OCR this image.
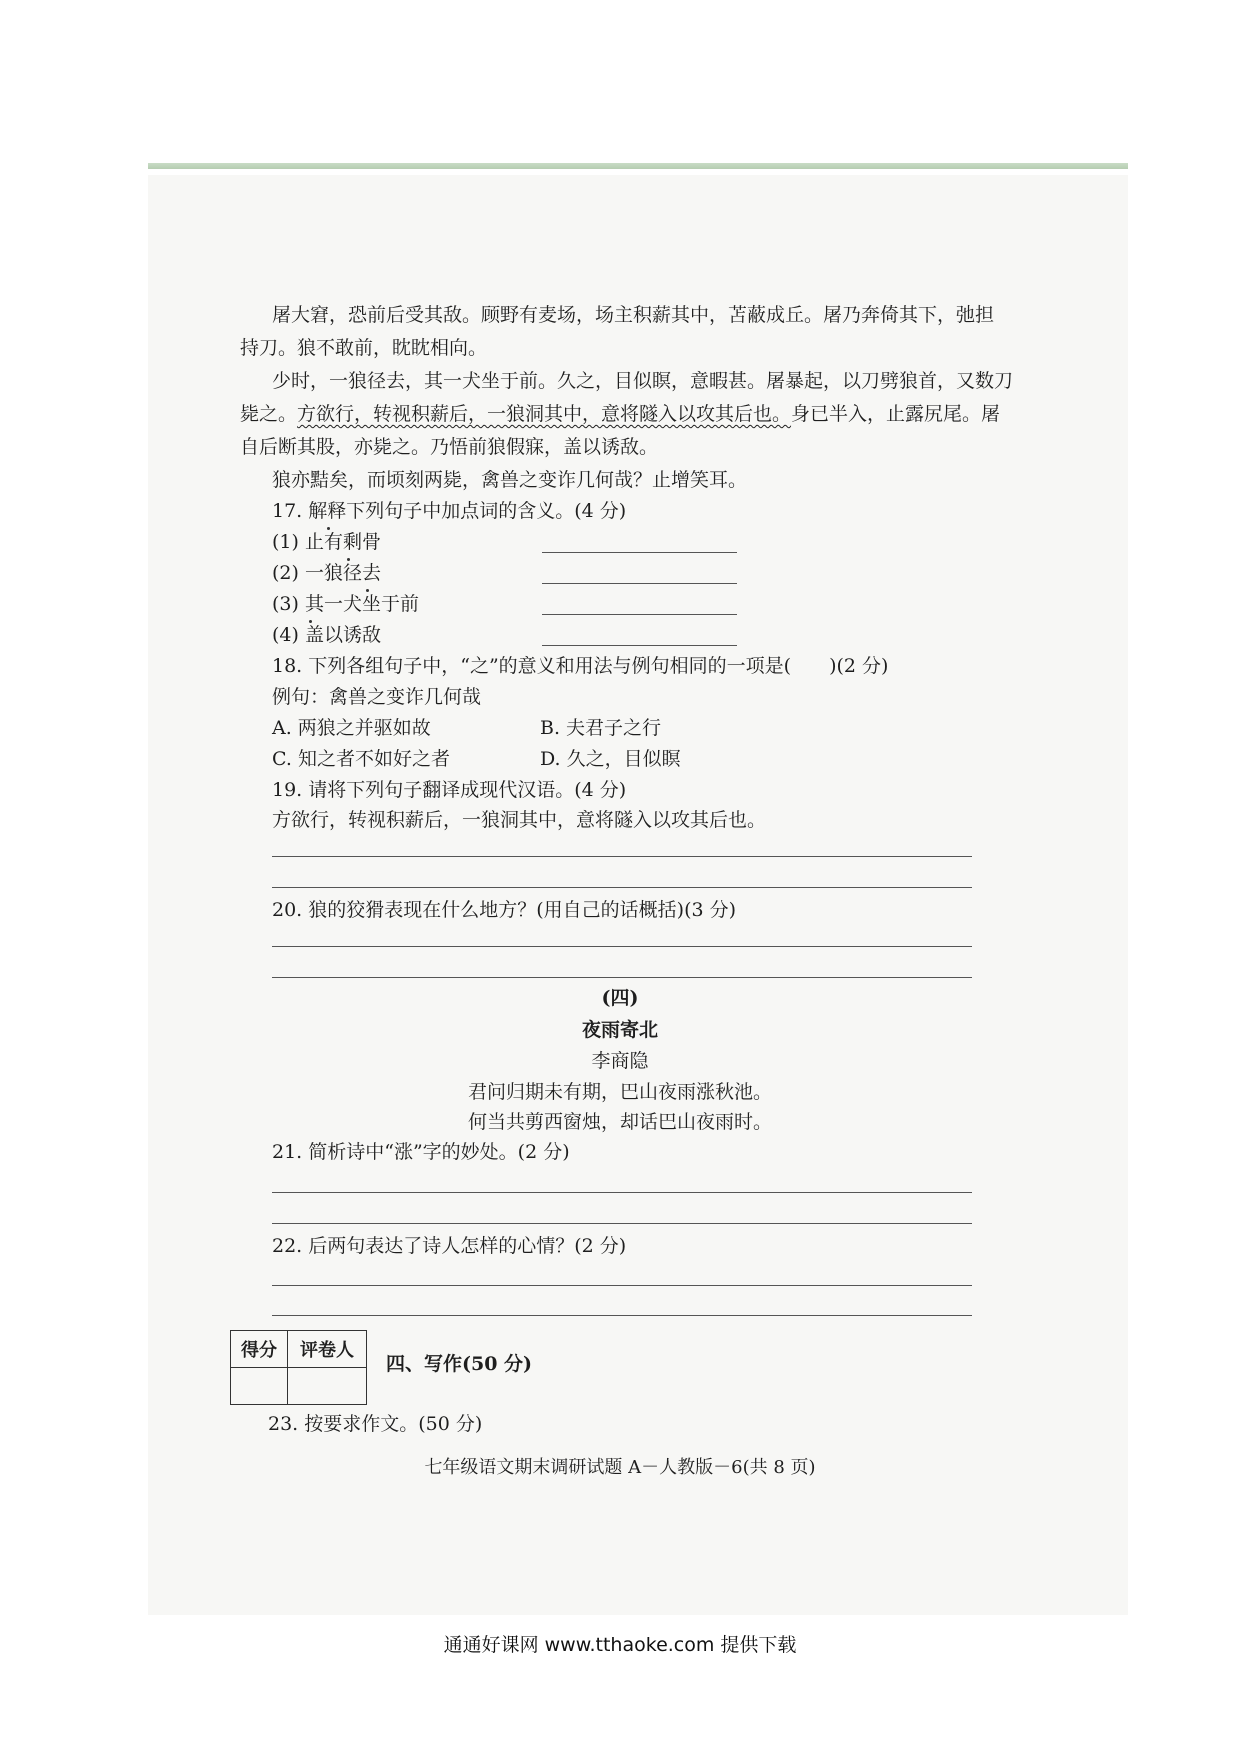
屠大窘，恐前后受其敌。顾野有麦场，场主积薪其中，苫蔽成丘。屠乃奔倚其下，弛担
持刀。狼不敢前，眈眈相向。
少时，一狼径去，其一犬坐于前。久之，目似瞑，意暇甚。屠暴起，以刀劈狼首，又数刀
毙之。方欲行，转视积薪后，一狼洞其中，意将隧入以攻其后也。身已半入，止露尻尾。屠
自后断其股，亦毙之。乃悟前狼假寐，盖以诱敌。
狼亦黠矣，而顷刻两毙，禽兽之变诈几何哉？止增笑耳。
17. 解释下列句子中加点词的含义。(4 分)
(1) 止有剩骨
(2) 一狼径去
(3) 其一犬坐于前
(4) 盖以诱敌
18. 下列各组句子中，“之”的意义和用法与例句相同的一项是(　　)(2 分)
例句：禽兽之变诈几何哉
A. 两狼之并驱如故	B. 夫君子之行
C. 知之者不如好之者	D. 久之，目似瞑
19. 请将下列句子翻译成现代汉语。(4 分)
方欲行，转视积薪后，一狼洞其中，意将隧入以攻其后也。
20. 狼的狡猾表现在什么地方？(用自己的话概括)(3 分)
(四)
夜雨寄北
李商隐
君问归期未有期，巴山夜雨涨秋池。
何当共剪西窗烛，却话巴山夜雨时。
21. 简析诗中“涨”字的妙处。(2 分)
22. 后两句表达了诗人怎样的心情？(2 分)
得分	评卷人

四、写作(50 分)
23. 按要求作文。(50 分)
七年级语文期末调研试题 A－人教版－6(共 8 页)
通通好课网 www.tthaoke.com 提供下载
